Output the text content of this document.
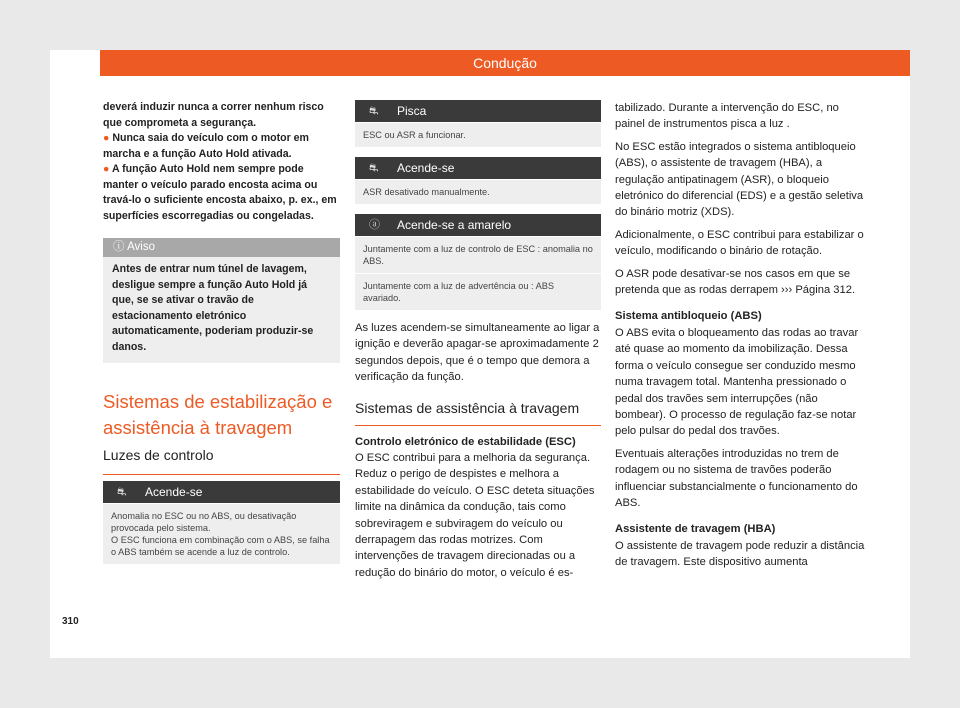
Condução

deverá induzir nunca a correr nenhum risco que comprometa a segurança.

● Nunca saia do veículo com o motor em marcha e a função Auto Hold ativada.

● A função Auto Hold nem sempre pode manter o veículo parado encosta acima ou travá-lo o suficiente encosta abaixo, p. ex., em superfícies escorregadias ou congeladas.

ⓘ Aviso
Antes de entrar num túnel de lavagem, desligue sempre a função Auto Hold já que, se se ativar o travão de estacionamento eletrónico automaticamente, poderiam produzir-se danos.
Sistemas de estabilização e assistência à travagem
Luzes de controlo
⛐ Acende-se
Anomalia no ESC ou no ABS, ou desativação provocada pelo sistema.
O ESC funciona em combinação com o ABS, se falha o ABS também se acende a luz de controlo.
⛐ Pisca
ESC ou ASR a funcionar.
⛐ Acende-se
ASR desativado manualmente.
ⓐ Acende-se a amarelo
Juntamente com a luz de controlo de ESC : anomalia no ABS.
Juntamente com a luz de advertência ou : ABS avariado.

As luzes acendem-se simultaneamente ao ligar a ignição e deverão apagar-se aproximadamente 2 segundos depois, que é o tempo que demora a verificação da função.

Sistemas de assistência à travagem

Controlo eletrónico de estabilidade (ESC)

O ESC contribui para a melhoria da segurança. Reduz o perigo de despistes e melhora a estabilidade do veículo. O ESC deteta situações limite na dinâmica da condução, tais como sobreviragem e subviragem do veículo ou derrapagem das rodas motrizes. Com intervenções de travagem direcionadas ou a redução do binário do motor, o veículo é es-

tabilizado. Durante a intervenção do ESC, no painel de instrumentos pisca a luz .

No ESC estão integrados o sistema antibloqueio (ABS), o assistente de travagem (HBA), a regulação antipatinagem (ASR), o bloqueio eletrónico do diferencial (EDS) e a gestão seletiva do binário motriz (XDS).

Adicionalmente, o ESC contribui para estabilizar o veículo, modificando o binário de rotação.

O ASR pode desativar-se nos casos em que se pretenda que as rodas derrapem ››› Página 312.

Sistema antibloqueio (ABS)

O ABS evita o bloqueamento das rodas ao travar até quase ao momento da imobilização. Dessa forma o veículo consegue ser conduzido mesmo numa travagem total. Mantenha pressionado o pedal dos travões sem interrupções (não bombear). O processo de regulação faz-se notar pelo pulsar do pedal dos travões.

Eventuais alterações introduzidas no trem de rodagem ou no sistema de travões poderão influenciar substancialmente o funcionamento do ABS.

Assistente de travagem (HBA)

O assistente de travagem pode reduzir a distância de travagem. Este dispositivo aumenta

310
